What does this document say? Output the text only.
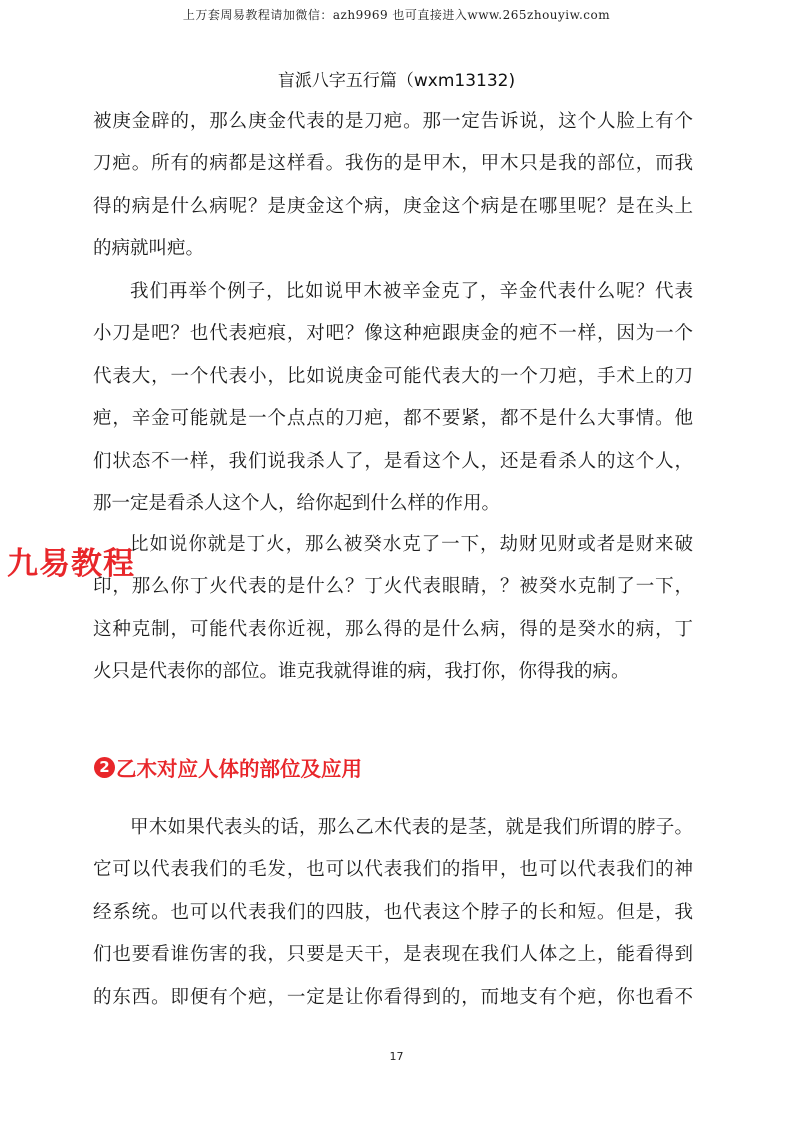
上万套周易教程请加微信：azh9969 也可直接进入www.265zhouyiw.com
盲派八字五行篇（wxm13132)
被庚金辟的，那么庚金代表的是刀疤。那一定告诉说，这个人脸上有个
刀疤。所有的病都是这样看。我伤的是甲木，甲木只是我的部位，而我
得的病是什么病呢？是庚金这个病，庚金这个病是在哪里呢？是在头上
的病就叫疤。
我们再举个例子，比如说甲木被辛金克了，辛金代表什么呢？代表
小刀是吧？也代表疤痕，对吧？像这种疤跟庚金的疤不一样，因为一个
代表大，一个代表小，比如说庚金可能代表大的一个刀疤，手术上的刀
疤，辛金可能就是一个点点的刀疤，都不要紧，都不是什么大事情。他
们状态不一样，我们说我杀人了，是看这个人，还是看杀人的这个人，
那一定是看杀人这个人，给你起到什么样的作用。
比如说你就是丁火，那么被癸水克了一下，劫财见财或者是财来破
印，那么你丁火代表的是什么？丁火代表眼睛，？被癸水克制了一下，
这种克制，可能代表你近视，那么得的是什么病，得的是癸水的病，丁
火只是代表你的部位。谁克我就得谁的病，我打你，你得我的病。
九易教程
2 乙木对应人体的部位及应用
甲木如果代表头的话，那么乙木代表的是茎，就是我们所谓的脖子。
它可以代表我们的毛发，也可以代表我们的指甲，也可以代表我们的神
经系统。也可以代表我们的四肢，也代表这个脖子的长和短。但是，我
们也要看谁伤害的我，只要是天干，是表现在我们人体之上，能看得到
的东西。即便有个疤，一定是让你看得到的，而地支有个疤，你也看不
17
